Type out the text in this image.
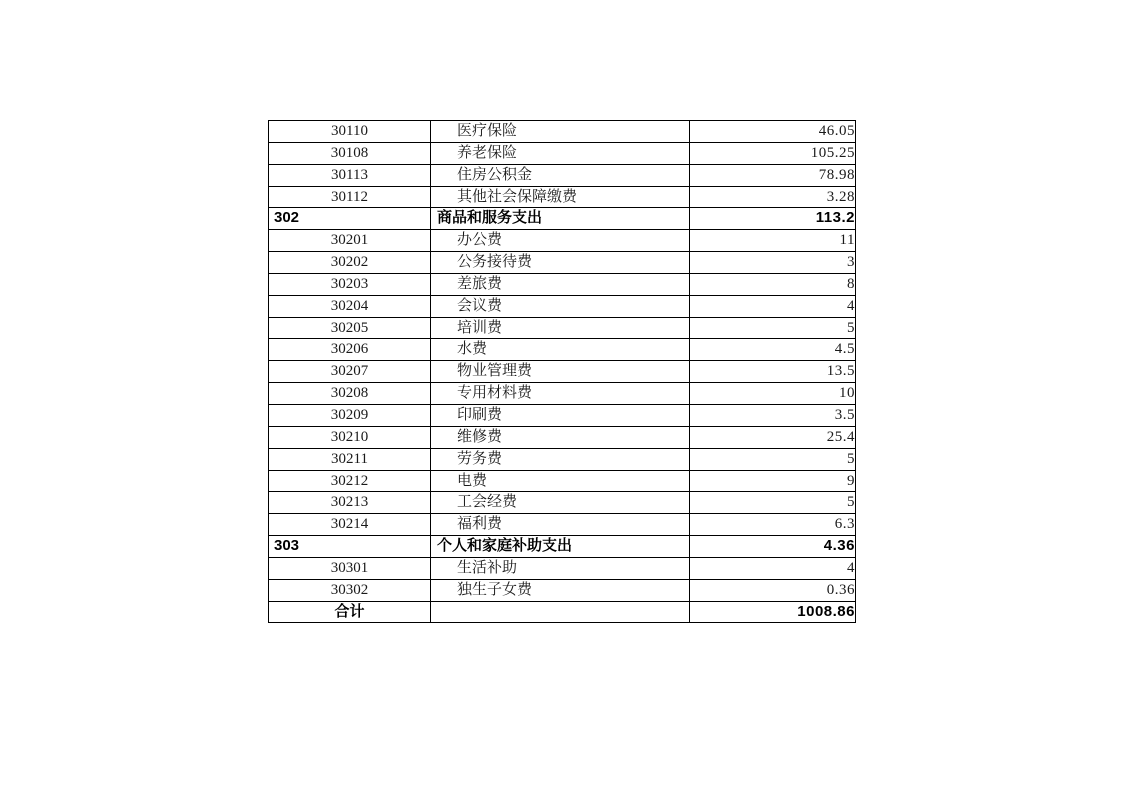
30110	医疗保险	46.05
30108	养老保险	105.25
30113	住房公积金	78.98
30112	其他社会保障缴费	3.28
302	商品和服务支出	113.2
30201	办公费	11
30202	公务接待费	3
30203	差旅费	8
30204	会议费	4
30205	培训费	5
30206	水费	4.5
30207	物业管理费	13.5
30208	专用材料费	10
30209	印刷费	3.5
30210	维修费	25.4
30211	劳务费	5
30212	电费	9
30213	工会经费	5
30214	福利费	6.3
303	个人和家庭补助支出	4.36
30301	生活补助	4
30302	独生子女费	0.36
合计		1008.86
